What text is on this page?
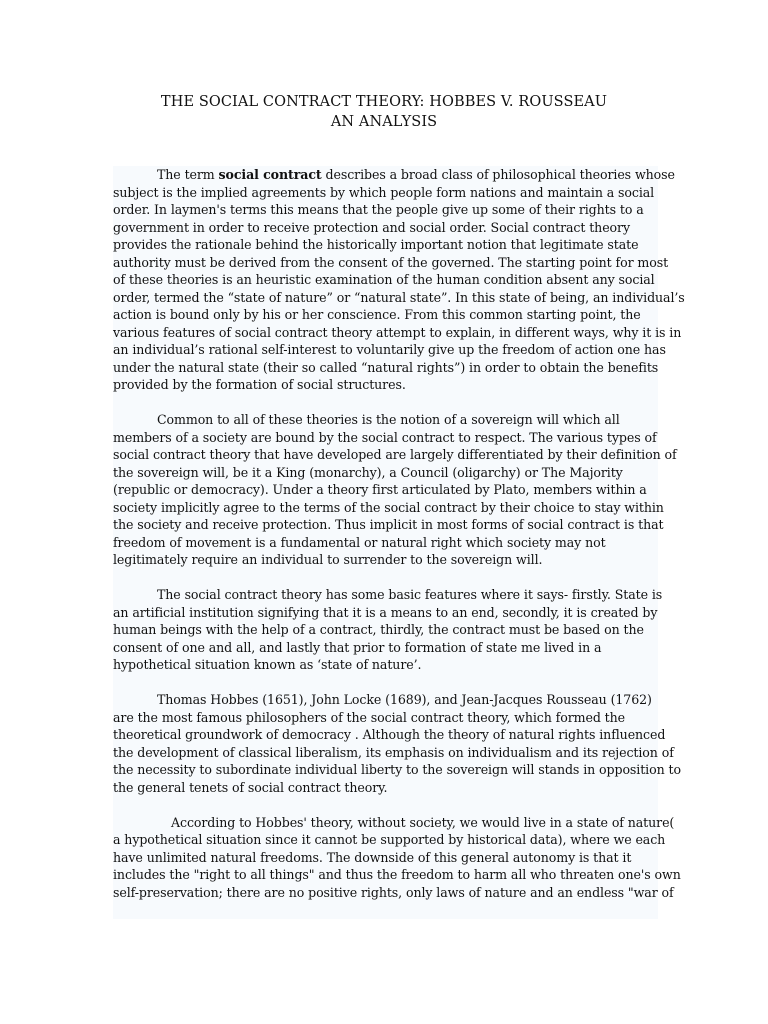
THE SOCIAL CONTRACT THEORY: HOBBES V. ROUSSEAU
AN ANALYSIS
The term social contract describes a broad class of philosophical theories whose
subject is the implied agreements by which people form nations and maintain a social
order. In laymen's terms this means that the people give up some of their rights to a
government in order to receive protection and social order. Social contract theory
provides the rationale behind the historically important notion that legitimate state
authority must be derived from the consent of the governed. The starting point for most
of these theories is an heuristic examination of the human condition absent any social
order, termed the “state of nature” or “natural state”. In this state of being, an individual’s
action is bound only by his or her conscience. From this common starting point, the
various features of social contract theory attempt to explain, in different ways, why it is in
an individual’s rational self-interest to voluntarily give up the freedom of action one has
under the natural state (their so called “natural rights”) in order to obtain the benefits
provided by the formation of social structures.
Common to all of these theories is the notion of a sovereign will which all
members of a society are bound by the social contract to respect. The various types of
social contract theory that have developed are largely differentiated by their definition of
the sovereign will, be it a King (monarchy), a Council (oligarchy) or The Majority
(republic or democracy). Under a theory first articulated by Plato, members within a
society implicitly agree to the terms of the social contract by their choice to stay within
the society and receive protection. Thus implicit in most forms of social contract is that
freedom of movement is a fundamental or natural right which society may not
legitimately require an individual to surrender to the sovereign will.
The social contract theory has some basic features where it says- firstly. State is
an artificial institution signifying that it is a means to an end, secondly, it is created by
human beings with the help of a contract, thirdly, the contract must be based on the
consent of one and all, and lastly that prior to formation of state me lived in a
hypothetical situation known as ‘state of nature’.
Thomas Hobbes (1651), John Locke (1689), and Jean-Jacques Rousseau (1762)
are the most famous philosophers of the social contract theory, which formed the
theoretical groundwork of democracy . Although the theory of natural rights influenced
the development of classical liberalism, its emphasis on individualism and its rejection of
the necessity to subordinate individual liberty to the sovereign will stands in opposition to
the general tenets of social contract theory.
According to Hobbes' theory, without society, we would live in a state of nature(
a hypothetical situation since it cannot be supported by historical data), where we each
have unlimited natural freedoms. The downside of this general autonomy is that it
includes the "right to all things" and thus the freedom to harm all who threaten one's own
self-preservation; there are no positive rights, only laws of nature and an endless "war of
